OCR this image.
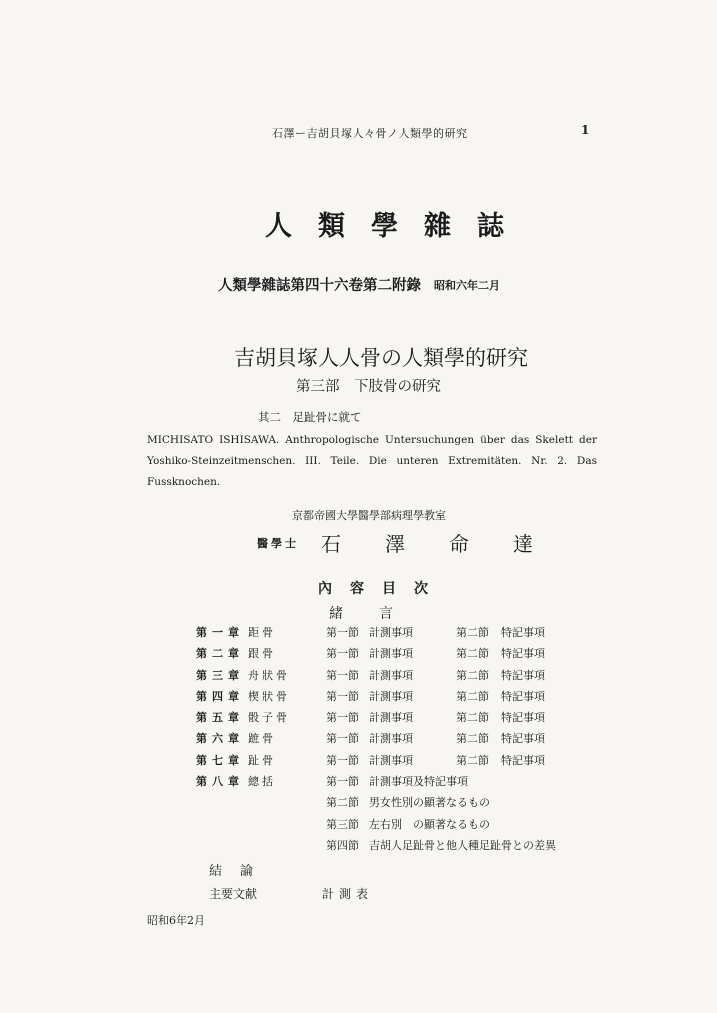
石澤ー吉胡貝塚人々骨ノ人類學的研究	1
人類學雜誌
人類學雜誌第四十六卷第二附錄 昭和六年二月
吉胡貝塚人人骨の人類學的研究
第三部　下肢骨の研究
其二　足趾骨に就て
MICHISATO ISHISAWA. Anthropologische Untersuchungen über das Skelett der Yoshiko-Steinzeitmenschen. III. Teile. Die unteren Extremitäten. Nr. 2. Das Fussknochen.
京都帝國大學醫學部病理學教室
醫學士 石澤命達
內容目次
緒言
第一章 距骨	第一節 計測事項	第二節 特記事項
第二章 跟骨	第一節 計測事項	第二節 特記事項
第三章 舟狀骨	第一節 計測事項	第二節 特記事項
第四章 楔狀骨	第一節 計測事項	第二節 特記事項
第五章 骰子骨	第一節 計測事項	第二節 特記事項
第六章 蹠骨	第一節 計測事項	第二節 特記事項
第七章 趾骨	第一節 計測事項	第二節 特記事項
第八章 總括	第一節 計測事項及特記事項
第二節 男女性別の顯著なるもの
第三節 左右別　の顯著なるもの
第四節 吉胡人足趾骨と他人種足趾骨との差異
結論
主要文献	計測表
昭和6年2月
